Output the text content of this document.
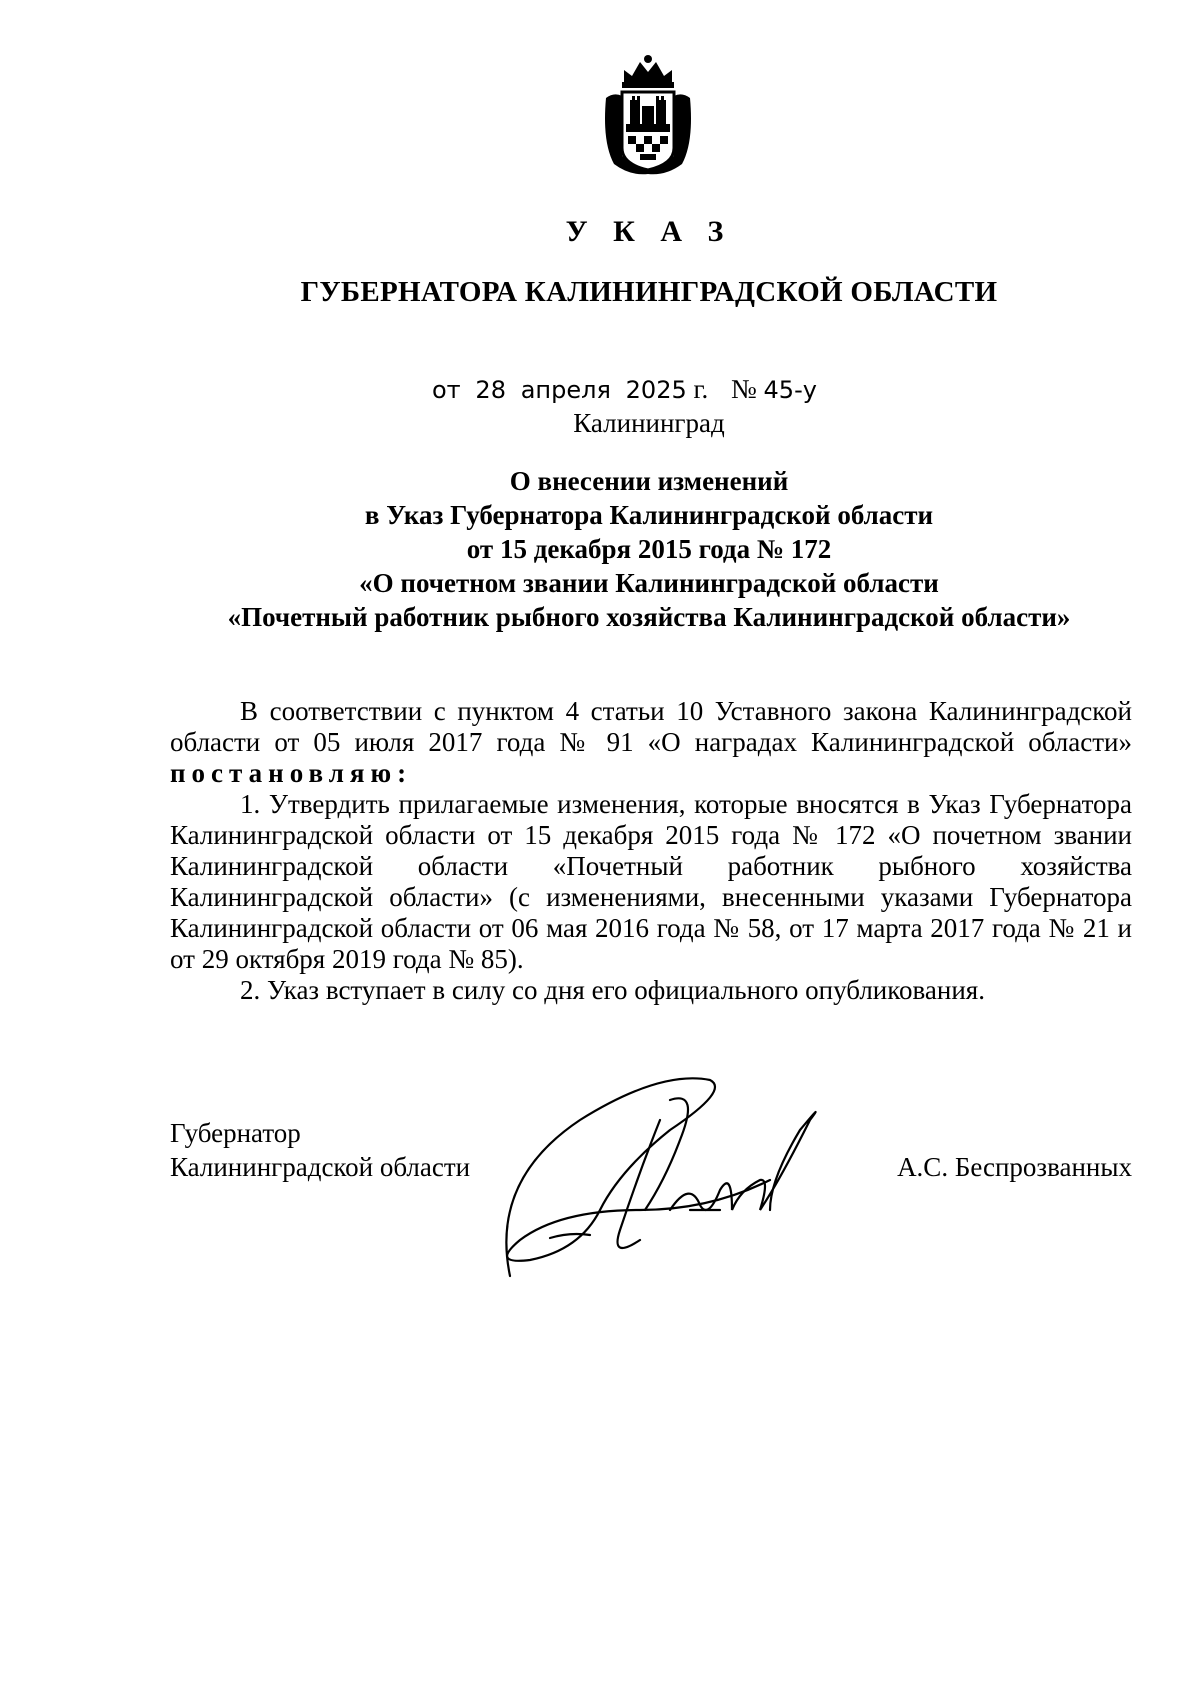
У К А З
ГУБЕРНАТОРА КАЛИНИНГРАДСКОЙ ОБЛАСТИ
от 28 апреля 2025 г. № 45-у
Калининград
О внесении изменений
в Указ Губернатора Калининградской области
от 15 декабря 2015 года № 172
«О почетном звании Калининградской области
«Почетный работник рыбного хозяйства Калининградской области»

В соответствии с пунктом 4 статьи 10 Уставного закона Калининградской области от 05 июля 2017 года № 91 «О наградах Калининградской области» постановляю:

1. Утвердить прилагаемые изменения, которые вносятся в Указ Губернатора Калининградской области от 15 декабря 2015 года № 172 «О почетном звании Калининградской области «Почетный работник рыбного хозяйства Калининградской области» (с изменениями, внесенными указами Губернатора Калининградской области от 06 мая 2016 года № 58, от 17 марта 2017 года № 21 и от 29 октября 2019 года № 85).

2. Указ вступает в силу со дня его официального опубликования.

Губернатор
Калининградской области	А.С. Беспрозванных
